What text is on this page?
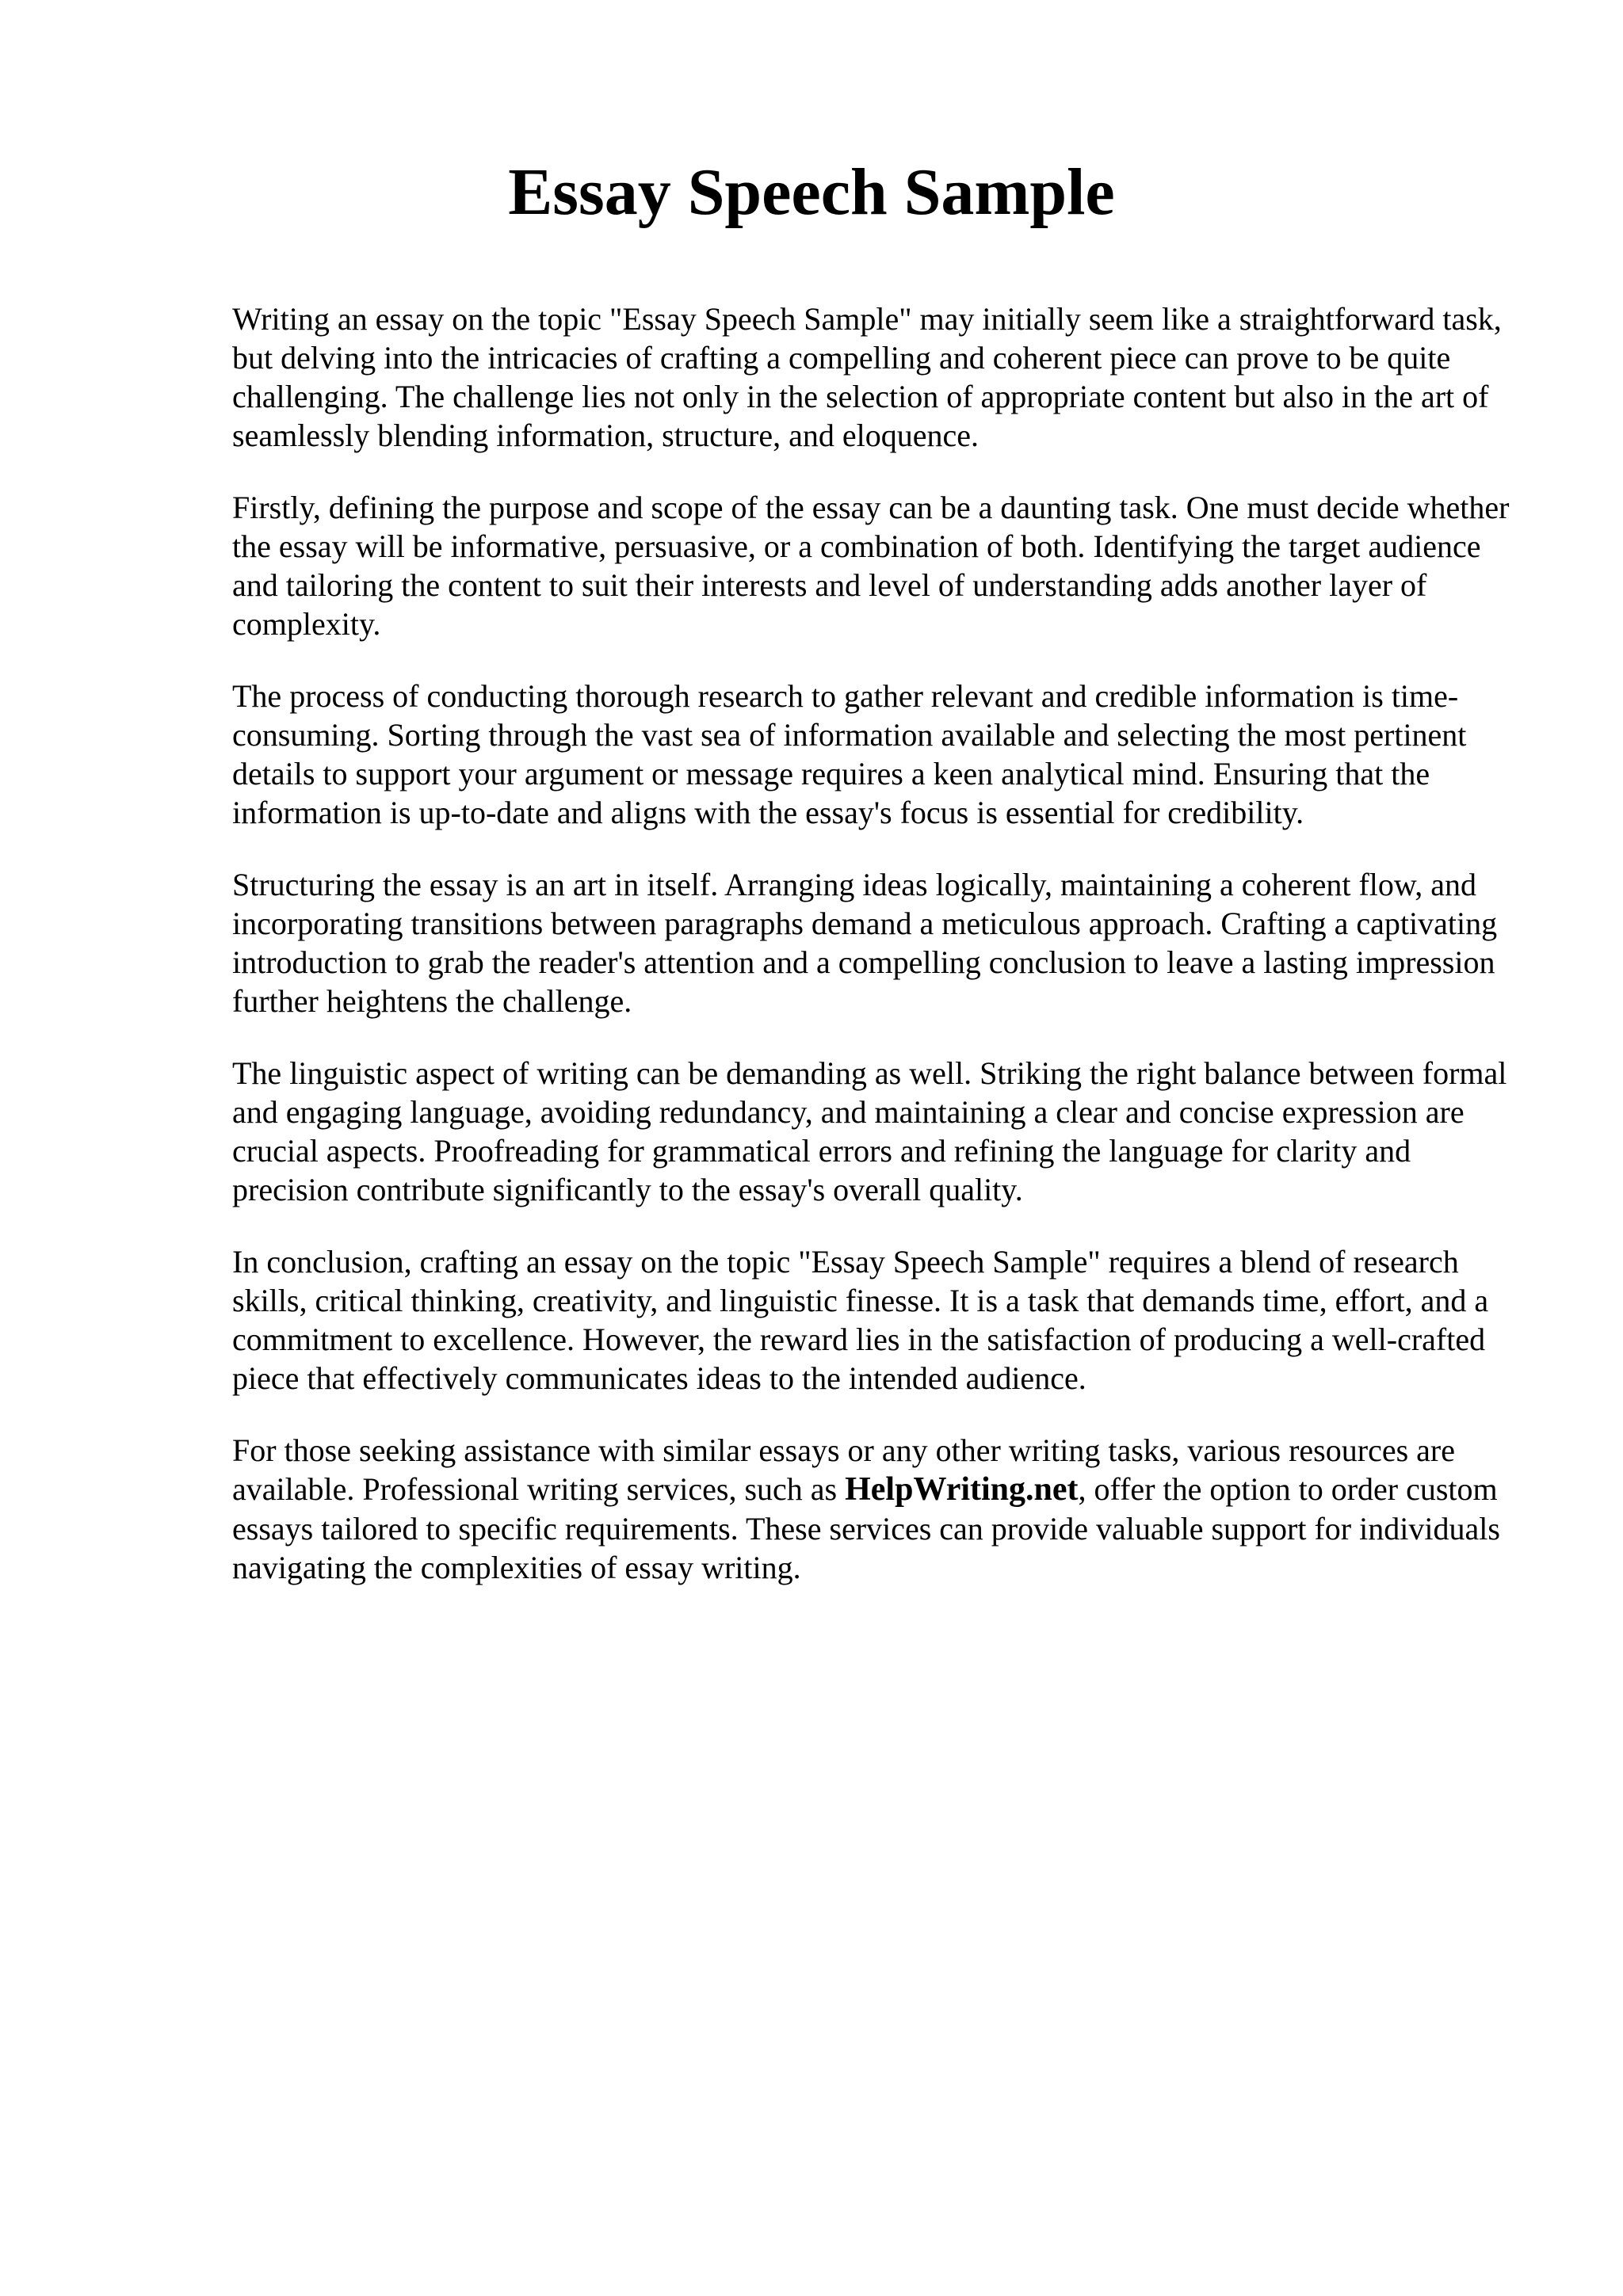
Essay Speech Sample

Writing an essay on the topic "Essay Speech Sample" may initially seem like a straightforward task, but delving into the intricacies of crafting a compelling and coherent piece can prove to be quite challenging. The challenge lies not only in the selection of appropriate content but also in the art of seamlessly blending information, structure, and eloquence.

Firstly, defining the purpose and scope of the essay can be a daunting task. One must decide whether the essay will be informative, persuasive, or a combination of both. Identifying the target audience and tailoring the content to suit their interests and level of understanding adds another layer of complexity.

The process of conducting thorough research to gather relevant and credible information is time-consuming. Sorting through the vast sea of information available and selecting the most pertinent details to support your argument or message requires a keen analytical mind. Ensuring that the information is up-to-date and aligns with the essay's focus is essential for credibility.

Structuring the essay is an art in itself. Arranging ideas logically, maintaining a coherent flow, and incorporating transitions between paragraphs demand a meticulous approach. Crafting a captivating introduction to grab the reader's attention and a compelling conclusion to leave a lasting impression further heightens the challenge.

The linguistic aspect of writing can be demanding as well. Striking the right balance between formal and engaging language, avoiding redundancy, and maintaining a clear and concise expression are crucial aspects. Proofreading for grammatical errors and refining the language for clarity and precision contribute significantly to the essay's overall quality.

In conclusion, crafting an essay on the topic "Essay Speech Sample" requires a blend of research skills, critical thinking, creativity, and linguistic finesse. It is a task that demands time, effort, and a commitment to excellence. However, the reward lies in the satisfaction of producing a well-crafted piece that effectively communicates ideas to the intended audience.

For those seeking assistance with similar essays or any other writing tasks, various resources are available. Professional writing services, such as HelpWriting.net, offer the option to order custom essays tailored to specific requirements. These services can provide valuable support for individuals navigating the complexities of essay writing.
